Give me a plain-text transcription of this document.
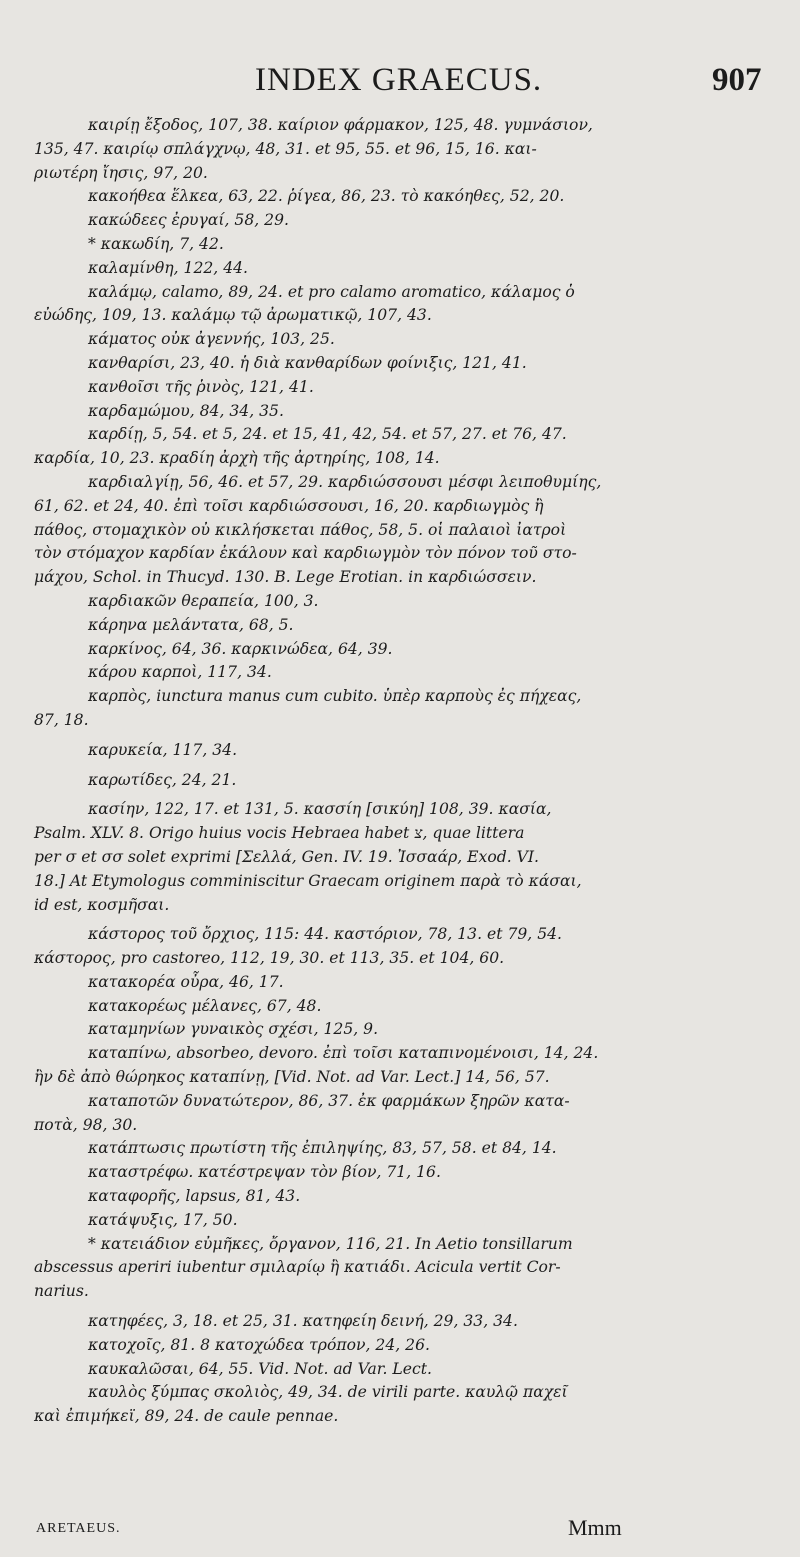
INDEX GRAECUS.	907
καιρίῃ ἔξοδος, 107, 38. καίριον φάρμακον, 125, 48. γυμνάσιον,
135, 47. καιρίῳ σπλάγχνῳ, 48, 31. et 95, 55. et 96, 15, 16. και-
ριωτέρη ἴησις, 97, 20.
κακοήθεα ἕλκεα, 63, 22. ῥίγεα, 86, 23. τὸ κακόηθες, 52, 20.
κακώδεες ἐρυγαί, 58, 29.
* κακωδίη, 7, 42.
καλαμίνθη, 122, 44.
καλάμῳ, calamo, 89, 24. et pro calamo aromatico, κάλαμος ὁ
εὐώδης, 109, 13. καλάμῳ τῷ ἀρωματικῷ, 107, 43.
κάματος οὐκ ἀγεννής, 103, 25.
κανθαρίσι, 23, 40. ἡ διὰ κανθαρίδων φοίνιξις, 121, 41.
κανθοῖσι τῆς ῥινὸς, 121, 41.
καρδαμώμου, 84, 34, 35.
καρδίῃ, 5, 54. et 5, 24. et 15, 41, 42, 54. et 57, 27. et 76, 47.
καρδία, 10, 23. κραδίη ἀρχὴ τῆς ἀρτηρίης, 108, 14.
καρδιαλγίῃ, 56, 46. et 57, 29. καρδιώσσουσι μέσφι λειποθυμίης,
61, 62. et 24, 40. ἐπὶ τοῖσι καρδιώσσουσι, 16, 20. καρδιωγμὸς ἢ
πάθος, στομαχικὸν οὐ κικλήσκεται πάθος, 58, 5. οἱ παλαιοὶ ἰατροὶ
τὸν στόμαχον καρδίαν ἐκάλουν καὶ καρδιωγμὸν τὸν πόνον τοῦ στο-
μάχου, Schol. in Thucyd. 130. B. Lege Erotian. in καρδιώσσειν.
καρδιακῶν θεραπεία, 100, 3.
κάρηνα μελάντατα, 68, 5.
καρκίνος, 64, 36. καρκινώδεα, 64, 39.
κάρου καρποὶ, 117, 34.
καρπὸς, iunctura manus cum cubito. ὑπὲρ καρποὺς ἐς πήχεας,
87, 18.
καρυκεία, 117, 34.
καρωτίδες, 24, 21.
κασίην, 122, 17. et 131, 5. κασσίη [σικύη] 108, 39. κασία,
Psalm. XLV. 8. Origo huius vocis Hebraea habet צ, quae littera
per σ et σσ solet exprimi [Σελλά, Gen. IV. 19. Ἰσσαάρ, Exod. VI.
18.] At Etymologus comminiscitur Graecam originem παρὰ τὸ κάσαι,
id est, κοσμῆσαι.
κάστορος τοῦ ὄρχιος, 115: 44. καστόριον, 78, 13. et 79, 54.
κάστορος, pro castoreo, 112, 19, 30. et 113, 35. et 104, 60.
κατακορέα οὖρα, 46, 17.
κατακορέως μέλανες, 67, 48.
καταμηνίων γυναικὸς σχέσι, 125, 9.
καταπίνω, absorbeo, devoro. ἐπὶ τοῖσι καταπινομένοισι, 14, 24.
ἢν δὲ ἀπὸ θώρηκος καταπίνῃ, [Vid. Not. ad Var. Lect.] 14, 56, 57.
καταποτῶν δυνατώτερον, 86, 37. ἐκ φαρμάκων ξηρῶν κατα-
ποτὰ, 98, 30.
κατάπτωσις πρωτίστη τῆς ἐπιληψίης, 83, 57, 58. et 84, 14.
καταστρέφω. κατέστρεψαν τὸν βίον, 71, 16.
καταφορῆς, lapsus, 81, 43.
κατάψυξις, 17, 50.
* κατειάδιον εὐμῆκες, ὄργανον, 116, 21. In Aetio tonsillarum
abscessus aperiri iubentur σμιλαρίῳ ἢ κατιάδι. Acicula vertit Cor-
narius.
κατηφέες, 3, 18. et 25, 31. κατηφείη δεινή, 29, 33, 34.
κατοχοῖς, 81. 8 κατοχώδεα τρόπον, 24, 26.
καυκαλῶσαι, 64, 55. Vid. Not. ad Var. Lect.
καυλὸς ξύμπας σκολιὸς, 49, 34. de virili parte. καυλῷ παχεῖ
καὶ ἐπιμήκεϊ, 89, 24. de caule pennae.
ARETAEUS.	Mmm
